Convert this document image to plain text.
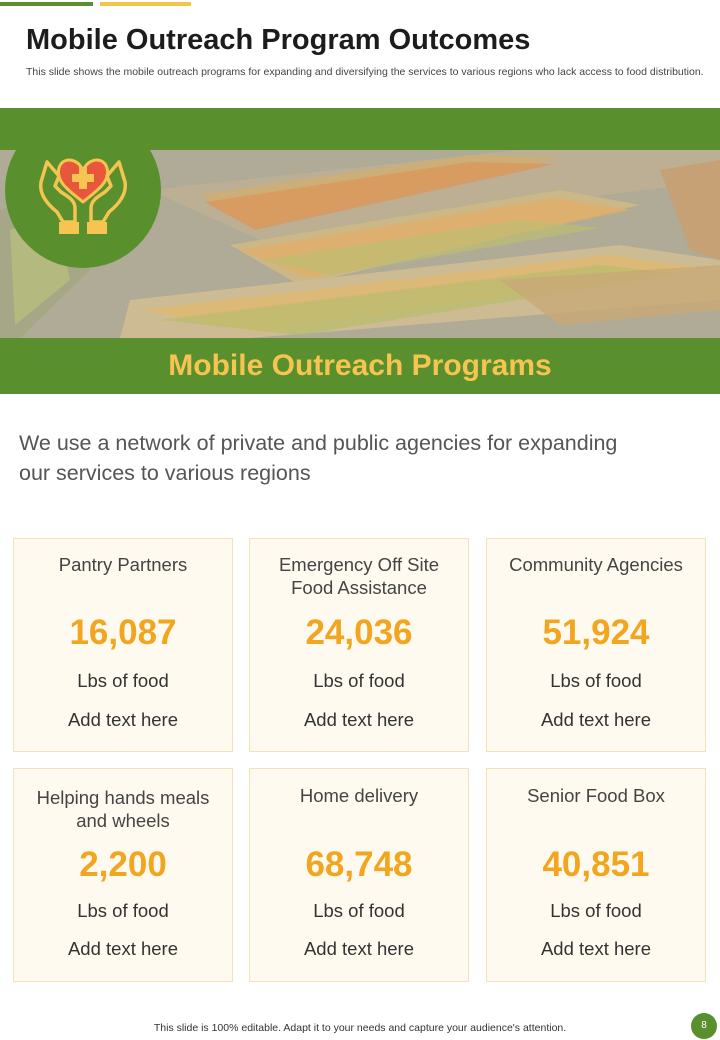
Mobile Outreach Program Outcomes

This slide shows the mobile outreach programs for expanding and diversifying the services to various regions who lack access to food distribution.

Mobile Outreach Programs

We use a network of private and public agencies for expanding our services to various regions

Pantry Partners
16,087
Lbs of food
Add text here
Emergency Off Site Food Assistance
24,036
Lbs of food
Add text here
Community Agencies
51,924
Lbs of food
Add text here
Helping hands meals and wheels
2,200
Lbs of food
Add text here
Home delivery
68,748
Lbs of food
Add text here
Senior Food Box
40,851
Lbs of food
Add text here
This slide is 100% editable. Adapt it to your needs and capture your audience's attention.	8
